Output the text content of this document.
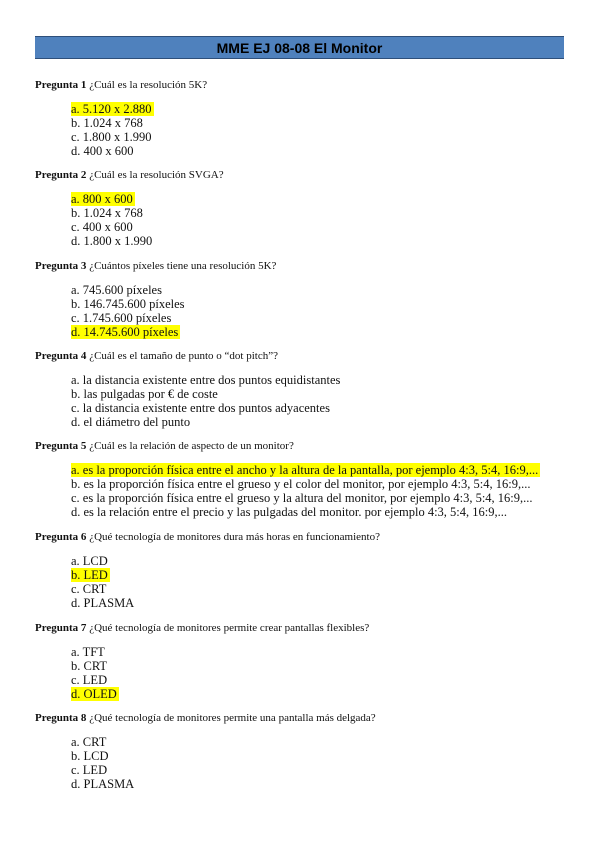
MME EJ 08-08 El Monitor
Pregunta 1 ¿Cuál es la resolución 5K?
a. 5.120 x 2.880
b. 1.024 x 768
c. 1.800 x 1.990
d. 400 x 600
Pregunta 2 ¿Cuál es la resolución SVGA?
a. 800 x 600
b. 1.024 x 768
c. 400 x 600
d. 1.800 x 1.990
Pregunta 3 ¿Cuántos píxeles tiene una resolución 5K?
a. 745.600 píxeles
b. 146.745.600 píxeles
c. 1.745.600 píxeles
d. 14.745.600 píxeles
Pregunta 4 ¿Cuál es el tamaño de punto o “dot pitch”?
a. la distancia existente entre dos puntos equidistantes
b. las pulgadas por € de coste
c. la distancia existente entre dos puntos adyacentes
d. el diámetro del punto
Pregunta 5 ¿Cuál es la relación de aspecto de un monitor?
a. es la proporción física entre el ancho y la altura de la pantalla, por ejemplo 4:3, 5:4, 16:9,...
b. es la proporción física entre el grueso y el color del monitor, por ejemplo 4:3, 5:4, 16:9,...
c. es la proporción física entre el grueso y la altura del monitor, por ejemplo 4:3, 5:4, 16:9,...
d. es la relación entre el precio y las pulgadas del monitor. por ejemplo 4:3, 5:4, 16:9,...
Pregunta 6 ¿Qué tecnología de monitores dura más horas en funcionamiento?
a. LCD
b. LED
c. CRT
d. PLASMA
Pregunta 7 ¿Qué tecnología de monitores permite crear pantallas flexibles?
a. TFT
b. CRT
c. LED
d. OLED
Pregunta 8 ¿Qué tecnología de monitores permite una pantalla más delgada?
a. CRT
b. LCD
c. LED
d. PLASMA
